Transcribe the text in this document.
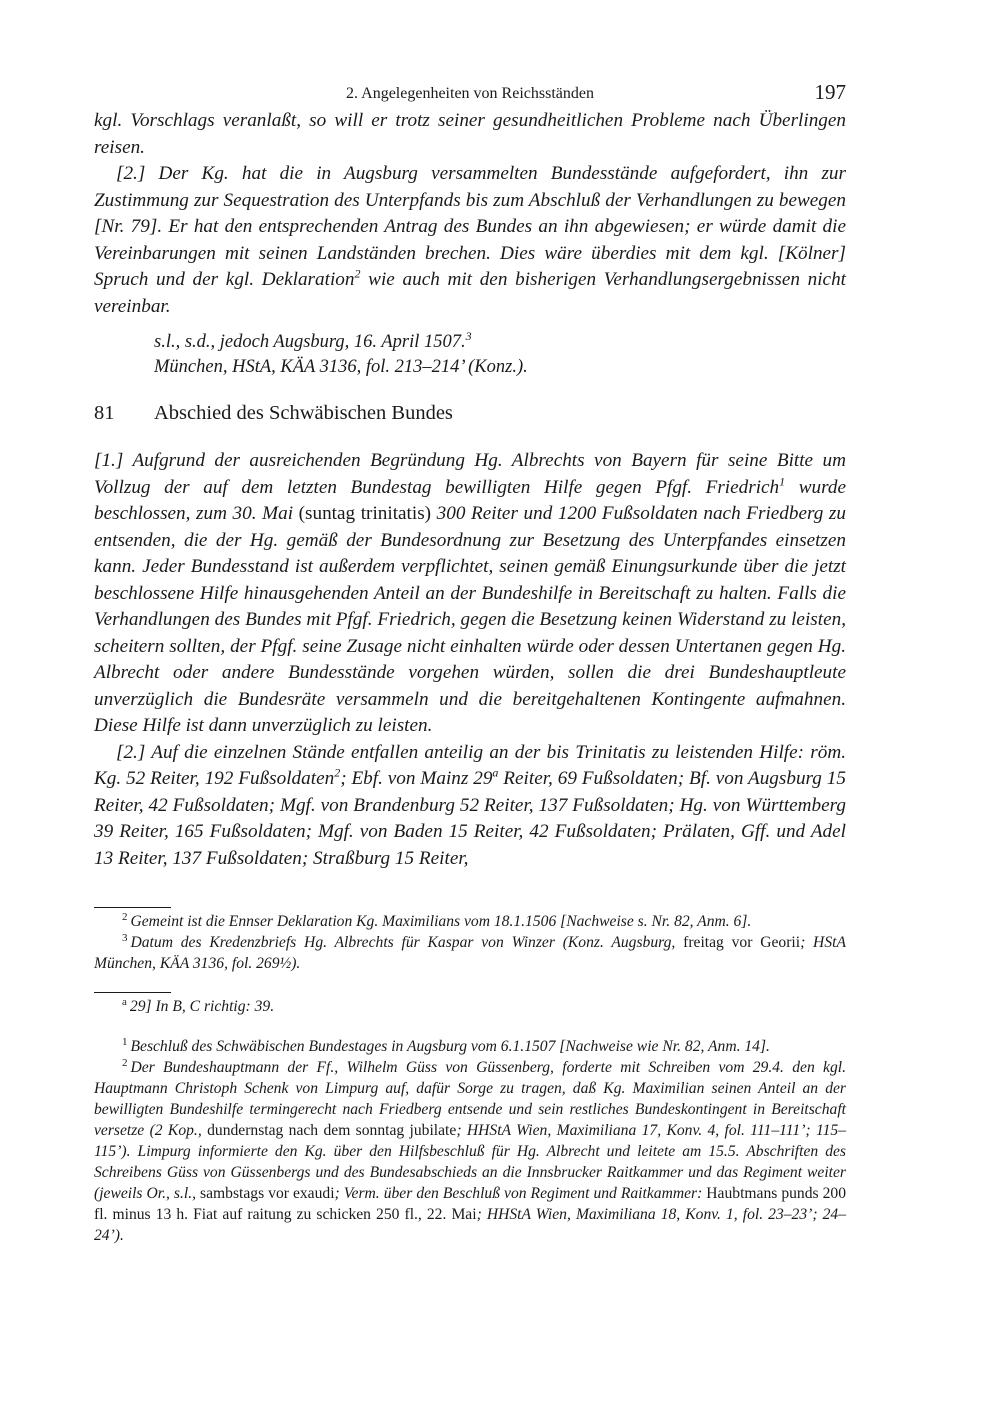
2. Angelegenheiten von Reichsständen	197

kgl. Vorschlags veranlaßt, so will er trotz seiner gesundheitlichen Probleme nach Überlingen reisen.

[2.] Der Kg. hat die in Augsburg versammelten Bundesstände aufgefordert, ihn zur Zustimmung zur Sequestration des Unterpfands bis zum Abschluß der Verhandlungen zu bewegen [Nr. 79]. Er hat den entsprechenden Antrag des Bundes an ihn abgewiesen; er würde damit die Vereinbarungen mit seinen Landständen brechen. Dies wäre überdies mit dem kgl. [Kölner] Spruch und der kgl. Deklaration$^2$ wie auch mit den bisherigen Verhandlungsergebnissen nicht vereinbar.

s.l., s.d., jedoch Augsburg, 16. April 1507.$^3$
München, HStA, KÄA 3136, fol. 213–214’ (Konz.).
81	Abschied des Schwäbischen Bundes

[1.] Aufgrund der ausreichenden Begründung Hg. Albrechts von Bayern für seine Bitte um Vollzug der auf dem letzten Bundestag bewilligten Hilfe gegen Pfgf. Friedrich$^1$ wurde beschlossen, zum 30. Mai (suntag trinitatis) 300 Reiter und 1200 Fußsoldaten nach Friedberg zu entsenden, die der Hg. gemäß der Bundesordnung zur Besetzung des Unterpfandes einsetzen kann. Jeder Bundesstand ist außerdem verpflichtet, seinen gemäß Einungsurkunde über die jetzt beschlossene Hilfe hinausgehenden Anteil an der Bundeshilfe in Bereitschaft zu halten. Falls die Verhandlungen des Bundes mit Pfgf. Friedrich, gegen die Besetzung keinen Widerstand zu leisten, scheitern sollten, der Pfgf. seine Zusage nicht einhalten würde oder dessen Untertanen gegen Hg. Albrecht oder andere Bundesstände vorgehen würden, sollen die drei Bundeshauptleute unverzüglich die Bundesräte versammeln und die bereitgehaltenen Kontingente aufmahnen. Diese Hilfe ist dann unverzüglich zu leisten.

[2.] Auf die einzelnen Stände entfallen anteilig an der bis Trinitatis zu leistenden Hilfe: röm. Kg. 52 Reiter, 192 Fußsoldaten$^2$; Ebf. von Mainz 29$^a$ Reiter, 69 Fußsoldaten; Bf. von Augsburg 15 Reiter, 42 Fußsoldaten; Mgf. von Brandenburg 52 Reiter, 137 Fußsoldaten; Hg. von Württemberg 39 Reiter, 165 Fußsoldaten; Mgf. von Baden 15 Reiter, 42 Fußsoldaten; Prälaten, Gff. und Adel 13 Reiter, 137 Fußsoldaten; Straßburg 15 Reiter,

$^2$ Gemeint ist die Ennser Deklaration Kg. Maximilians vom 18.1.1506 [Nachweise s. Nr. 82, Anm. 6].

$^3$ Datum des Kredenzbriefs Hg. Albrechts für Kaspar von Winzer (Konz. Augsburg, freitag vor Georii; HStA München, KÄA 3136, fol. 269½).

$^a$ 29] In B, C richtig: 39.

$^1$ Beschluß des Schwäbischen Bundestages in Augsburg vom 6.1.1507 [Nachweise wie Nr. 82, Anm. 14].

$^2$ Der Bundeshauptmann der Ff., Wilhelm Güss von Güssenberg, forderte mit Schreiben vom 29.4. den kgl. Hauptmann Christoph Schenk von Limpurg auf, dafür Sorge zu tragen, daß Kg. Maximilian seinen Anteil an der bewilligten Bundeshilfe termingerecht nach Friedberg entsende und sein restliches Bundeskontingent in Bereitschaft versetze (2 Kop., dundernstag nach dem sonntag jubilate; HHStA Wien, Maximiliana 17, Konv. 4, fol. 111–111’; 115–115’). Limpurg informierte den Kg. über den Hilfsbeschluß für Hg. Albrecht und leitete am 15.5. Abschriften des Schreibens Güss von Güssenbergs und des Bundesabschieds an die Innsbrucker Raitkammer und das Regiment weiter (jeweils Or., s.l., sambstags vor exaudi; Verm. über den Beschluß von Regiment und Raitkammer: Haubtmans punds 200 fl. minus 13 h. Fiat auf raitung zu schicken 250 fl., 22. Mai; HHStA Wien, Maximiliana 18, Konv. 1, fol. 23–23’; 24–24’).
